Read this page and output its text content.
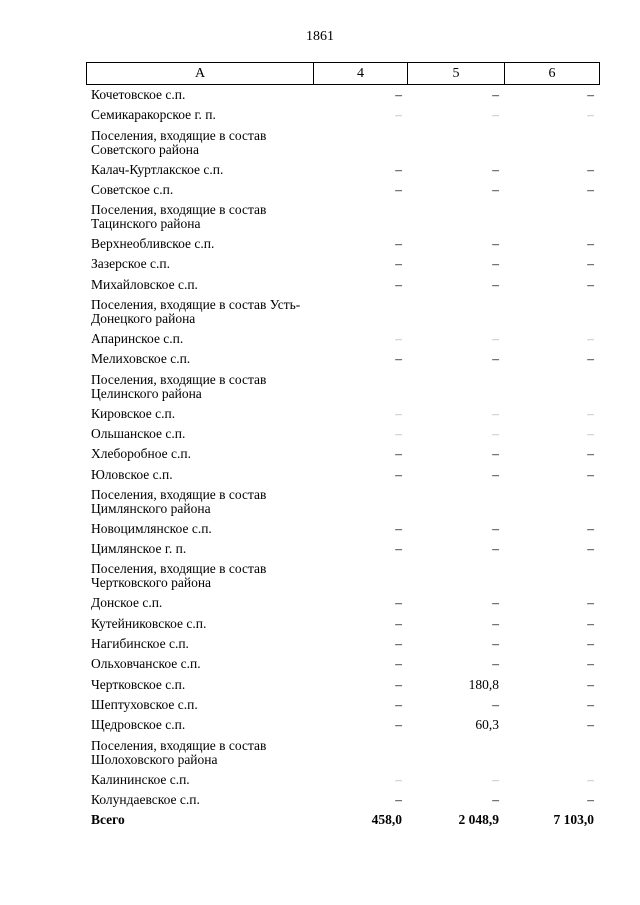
1861
А	4	5	6
Кочетовское с.п.	–	–	–
Семикаракорское г. п.	–	–	–
Поселения, входящие в состав Советского района
Калач-Куртлакское с.п.	–	–	–
Советское с.п.	–	–	–
Поселения, входящие в состав Тацинского района
Верхнеобливское с.п.	–	–	–
Зазерское с.п.	–	–	–
Михайловское с.п.	–	–	–
Поселения, входящие в состав Усть-Донецкого района
Апаринское с.п.	–	–	–
Мелиховское с.п.	–	–	–
Поселения, входящие в состав Целинского района
Кировское с.п.	–	–	–
Ольшанское с.п.	–	–	–
Хлеборобное с.п.	–	–	–
Юловское с.п.	–	–	–
Поселения, входящие в состав Цимлянского района
Новоцимлянское с.п.	–	–	–
Цимлянское г. п.	–	–	–
Поселения, входящие в состав Чертковского района
Донское с.п.	–	–	–
Кутейниковское с.п.	–	–	–
Нагибинское с.п.	–	–	–
Ольховчанское с.п.	–	–	–
Чертковское с.п.	–	180,8	–
Шептуховское с.п.	–	–	–
Щедровское с.п.	–	60,3	–
Поселения, входящие в состав Шолоховского района
Калининское с.п.	–	–	–
Колундаевское с.п.	–	–	–
Всего	458,0	2 048,9	7 103,0
